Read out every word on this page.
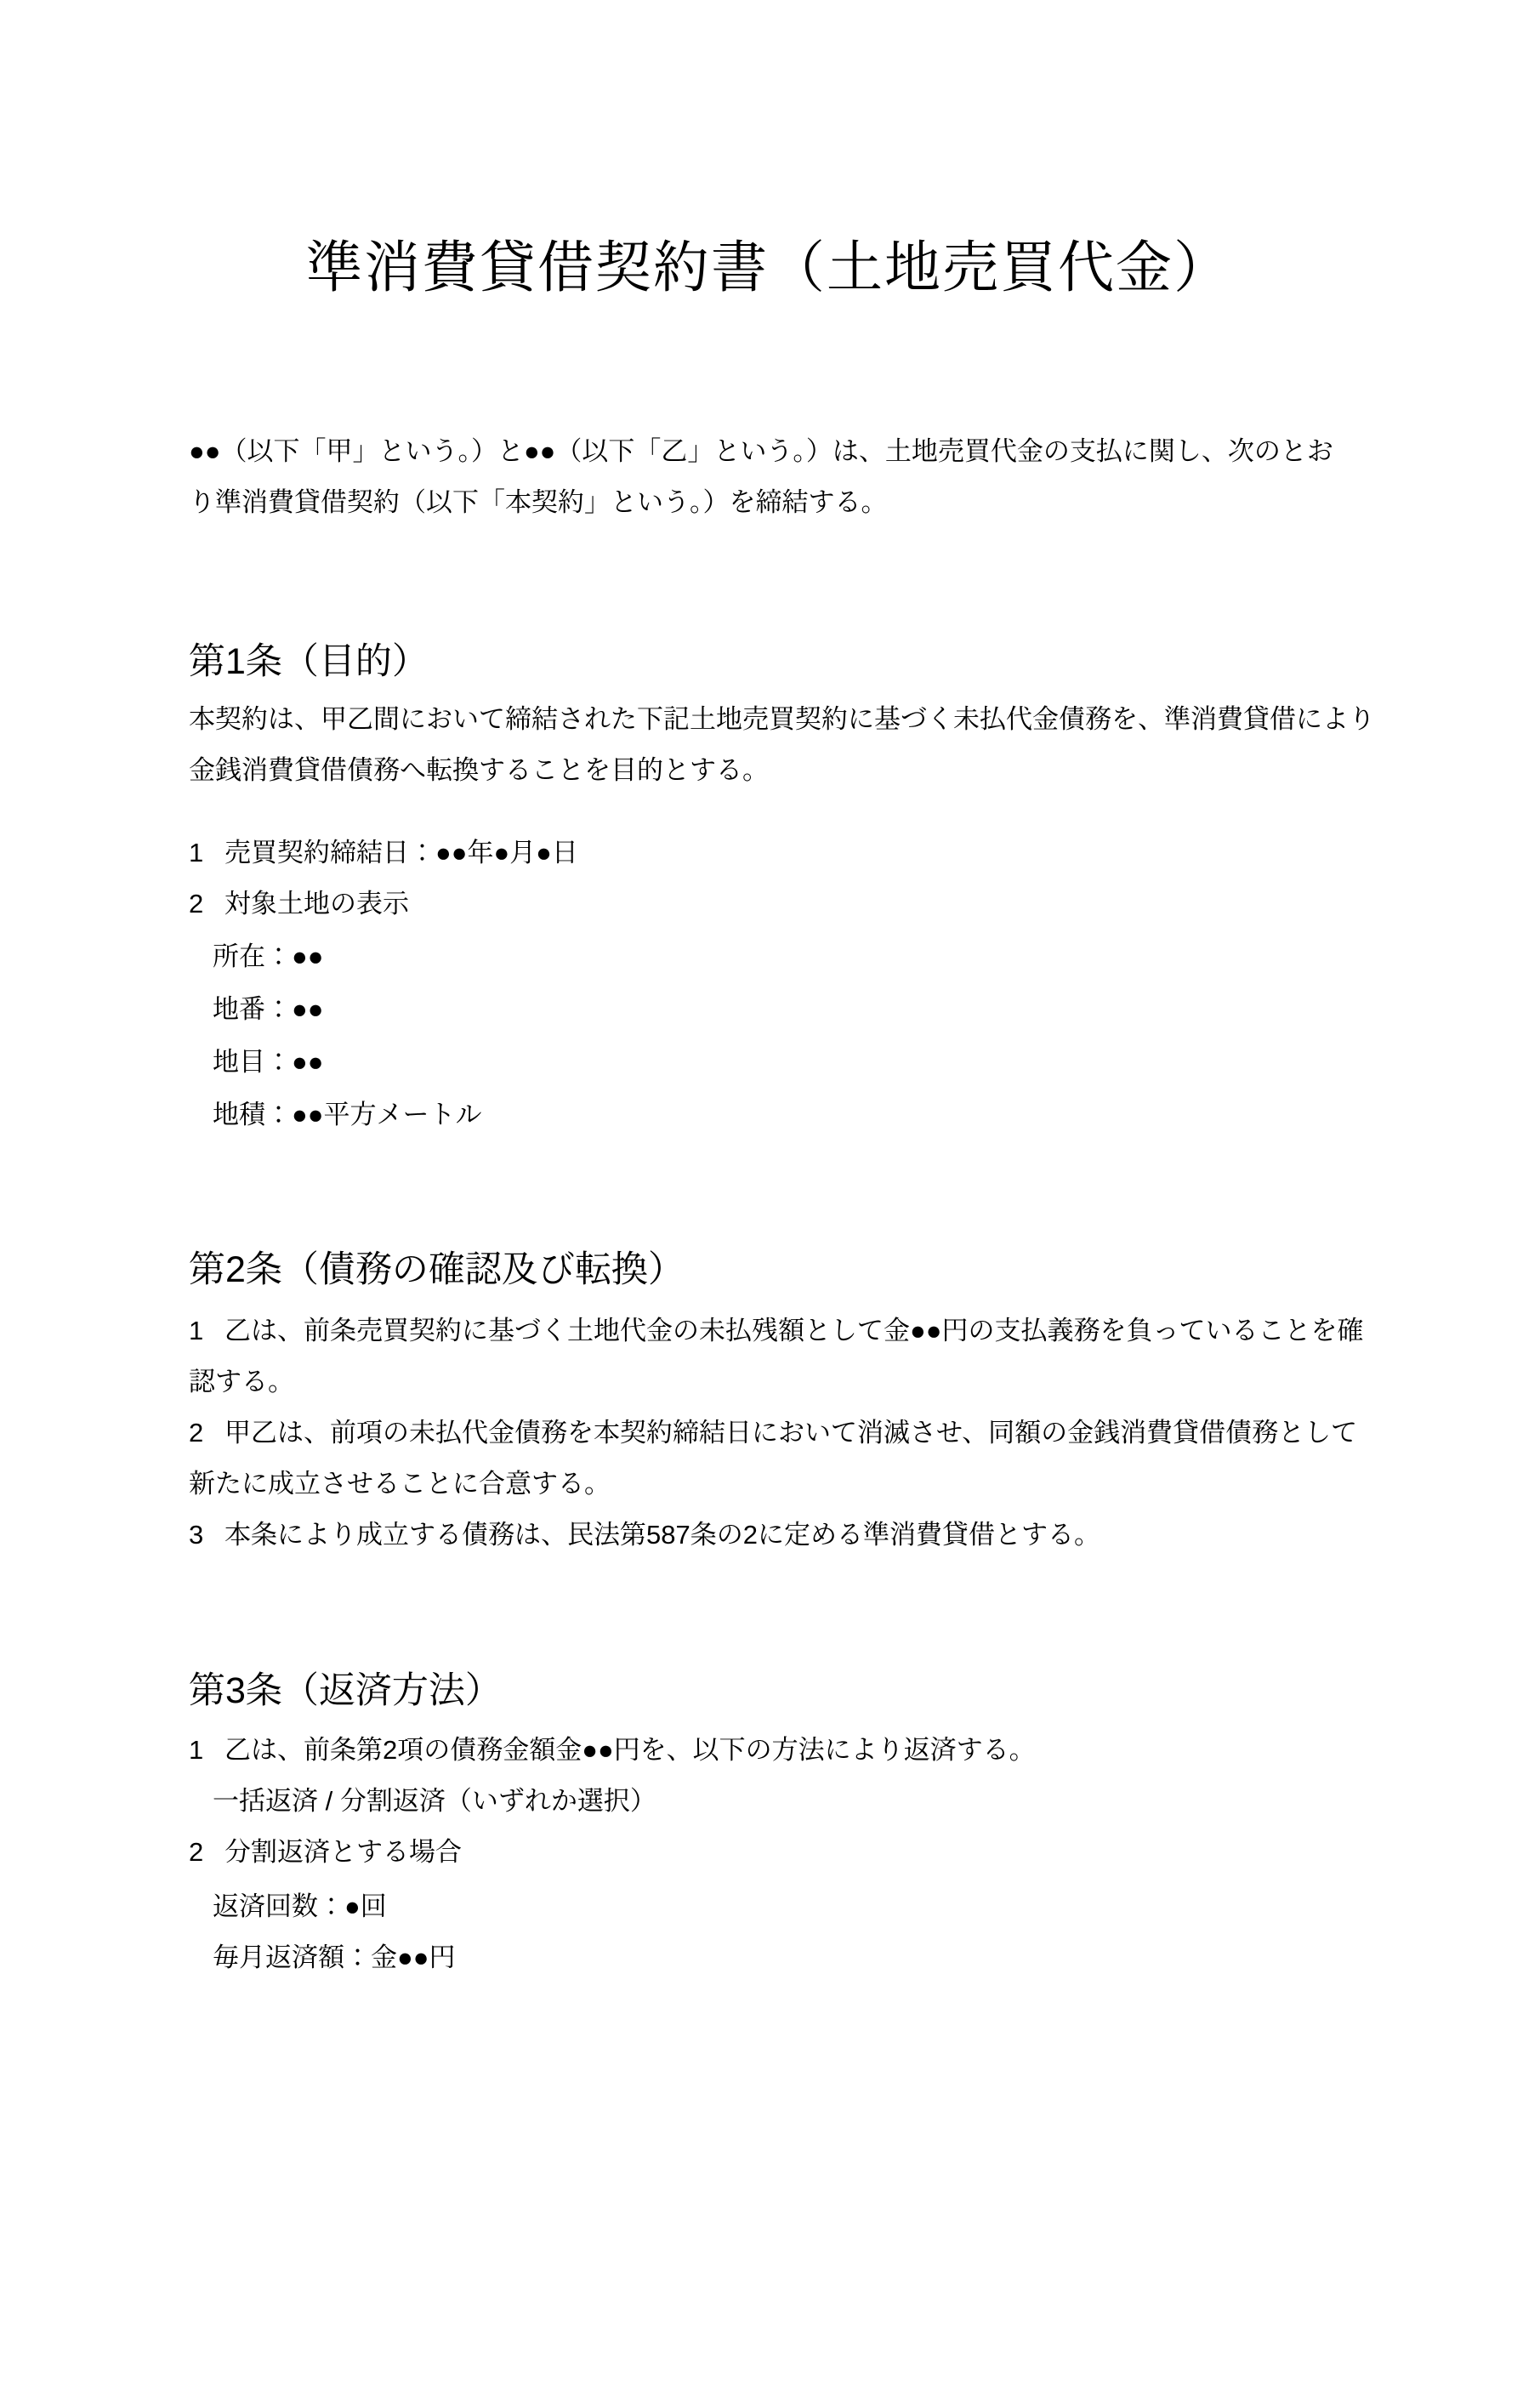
準消費貸借契約書（土地売買代金）
●●（以下「甲」という。）と●●（以下「乙」という。）は、土地売買代金の支払に関し、次のとお
り準消費貸借契約（以下「本契約」という。）を締結する。
第1条（目的）
本契約は、甲乙間において締結された下記土地売買契約に基づく未払代金債務を、準消費貸借により
金銭消費貸借債務へ転換することを目的とする。
1 売買契約締結日：●●年●月●日
2 対象土地の表示
所在：●●
地番：●●
地目：●●
地積：●●平方メートル
第2条（債務の確認及び転換）
1 乙は、前条売買契約に基づく土地代金の未払残額として金●●円の支払義務を負っていることを確
認する。
2 甲乙は、前項の未払代金債務を本契約締結日において消滅させ、同額の金銭消費貸借債務として
新たに成立させることに合意する。
3 本条により成立する債務は、民法第587条の2に定める準消費貸借とする。
第3条（返済方法）
1 乙は、前条第2項の債務金額金●●円を、以下の方法により返済する。
一括返済 / 分割返済（いずれか選択）
2 分割返済とする場合
返済回数：●回
毎月返済額：金●●円
